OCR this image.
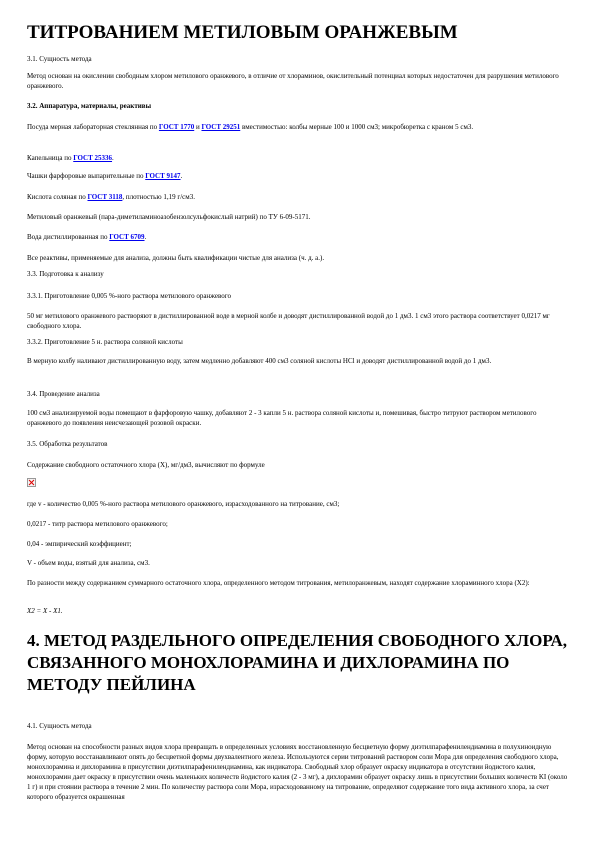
ТИТРОВАНИЕМ МЕТИЛОВЫМ ОРАНЖЕВЫМ
3.1. Сущность метода
Метод основан на окислении свободным хлором метилового оранжевого, в отличие от хлораминов, окислительный потенциал которых недостаточен для разрушения метилового оранжевого.
3.2. Аппаратура, материалы, реактивы
Посуда мерная лабораторная стеклянная по ГОСТ 1770 и ГОСТ 29251 вместимостью: колбы мерные 100 и 1000 см3; микробюретка с краном 5 см3.
Капельница по ГОСТ 25336.
Чашки фарфоровые выпарительные по ГОСТ 9147.
Кислота соляная по ГОСТ 3118, плотностью 1,19 г/см3.
Метиловый оранжевый (пара-диметиламиноазобензолсульфокислый натрий) по ТУ 6-09-5171.
Вода дистиллированная по ГОСТ 6709.
Все реактивы, применяемые для анализа, должны быть квалификации чистые для анализа (ч. д. а.).
3.3. Подготовка к анализу
3.3.1. Приготовление 0,005 %-ного раствора метилового оранжевого
50 мг метилового оранжевого растворяют в дистиллированной воде в мерной колбе и доводят дистиллированной водой до 1 дм3. 1 см3 этого раствора соответствует 0,0217 мг свободного хлора.
3.3.2. Приготовление 5 н. раствора соляной кислоты
В мерную колбу наливают дистиллированную воду, затем медленно добавляют 400 см3 соляной кислоты HCl и доводят дистиллированной водой до 1 дм3.
3.4. Проведение анализа
100 см3 анализируемой воды помещают в фарфоровую чашку, добавляют 2 - 3 капли 5 н. раствора соляной кислоты и, помешивая, быстро титруют раствором метилового оранжевого до появления неисчезающей розовой окраски.
3.5. Обработка результатов
Содержание свободного остаточного хлора (Х), мг/дм3, вычисляют по формуле
где v - количество 0,005 %-ного раствора метилового оранжевого, израсходованного на титрование, см3;
0,0217 - титр раствора метилового оранжевого;
0,04 - эмпирический коэффициент;
V - объем воды, взятый для анализа, см3.
По разности между содержанием суммарного остаточного хлора, определенного методом титрования, метилоранжевым, находят содержание хлораминного хлора (Х2):
Х2 = Х - Х1.
4. МЕТОД РАЗДЕЛЬНОГО ОПРЕДЕЛЕНИЯ СВОБОДНОГО ХЛОРА,
СВЯЗАННОГО МОНОХЛОРАМИНА И ДИХЛОРАМИНА ПО
МЕТОДУ ПЕЙЛИНА
4.1. Сущность метода
Метод основан на способности разных видов хлора превращать в определенных условиях восстановленную бесцветную форму диэтилпарафенилендиамина в полухиноидную форму, которую восстанавливают опять до бесцветной формы двухвалентного железа. Используются серии титрований раствором соли Мора для определения свободного хлора, монохлорамина и дихлорамина в присутствии диэтилпарафенилендиамина, как индикатора. Свободный хлор образует окраску индикатора в отсутствии йодистого калия, монохлорамин дает окраску в присутствии очень маленьких количеств йодистого калия (2 - 3 мг), а дихлорамин образует окраску лишь в присутствии больших количеств KI (около 1 г) и при стоянии раствора в течение 2 мин. По количеству раствора соли Мора, израсходованному на титрование, определяют содержание того вида активного хлора, за счет которого образуется окрашенная
